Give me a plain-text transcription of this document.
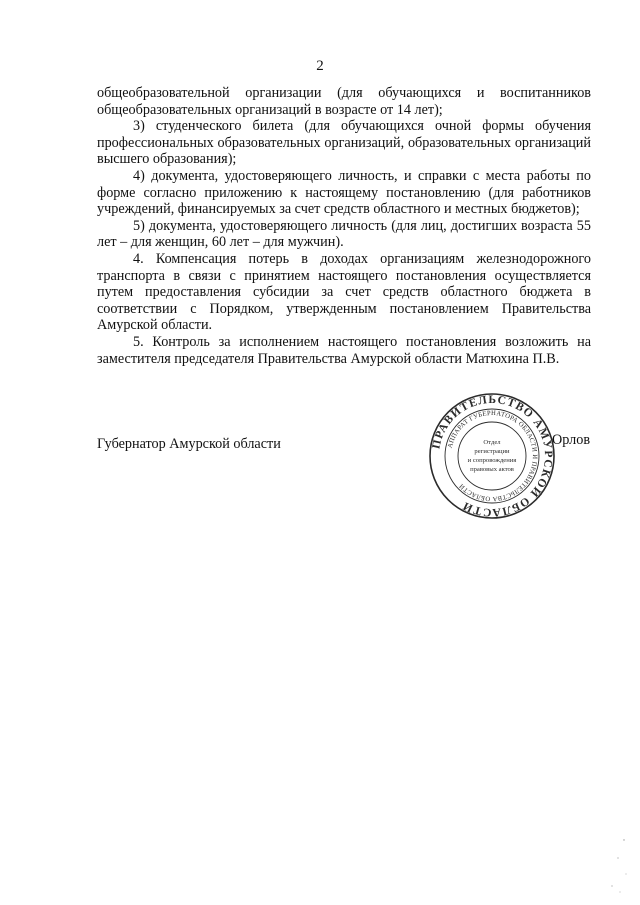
2

общеобразовательной организации (для обучающихся и воспитанников общеобразовательных организаций в возрасте от 14 лет);

3) студенческого билета (для обучающихся очной формы обучения профессиональных образовательных организаций, образовательных организаций высшего образования);

4) документа, удостоверяющего личность, и справки с места работы по форме согласно приложению к настоящему постановлению (для работников учреждений, финансируемых за счет средств областного и местных бюджетов);

5) документа, удостоверяющего личность (для лиц, достигших возраста 55 лет – для женщин, 60 лет – для мужчин).

4. Компенсация потерь в доходах организациям железнодорожного транспорта в связи с принятием настоящего постановления осуществляется путем предоставления субсидии за счет средств областного бюджета в соответствии с Порядком, утвержденным постановлением Правительства Амурской области.

5. Контроль за исполнением настоящего постановления возложить на заместителя председателя Правительства Амурской области Матюхина П.В.

Губернатор Амурской области	ПРАВИТЕЛЬСТВО АМУРСКОЙ ОБЛАСТИ
АППАРАТ ГУБЕРНАТОРА ОБЛАСТИ И ПРАВИТЕЛЬСТВА ОБЛАСТИ
Отдел
регистрации
и сопровождения
правовых актов
Орлов
